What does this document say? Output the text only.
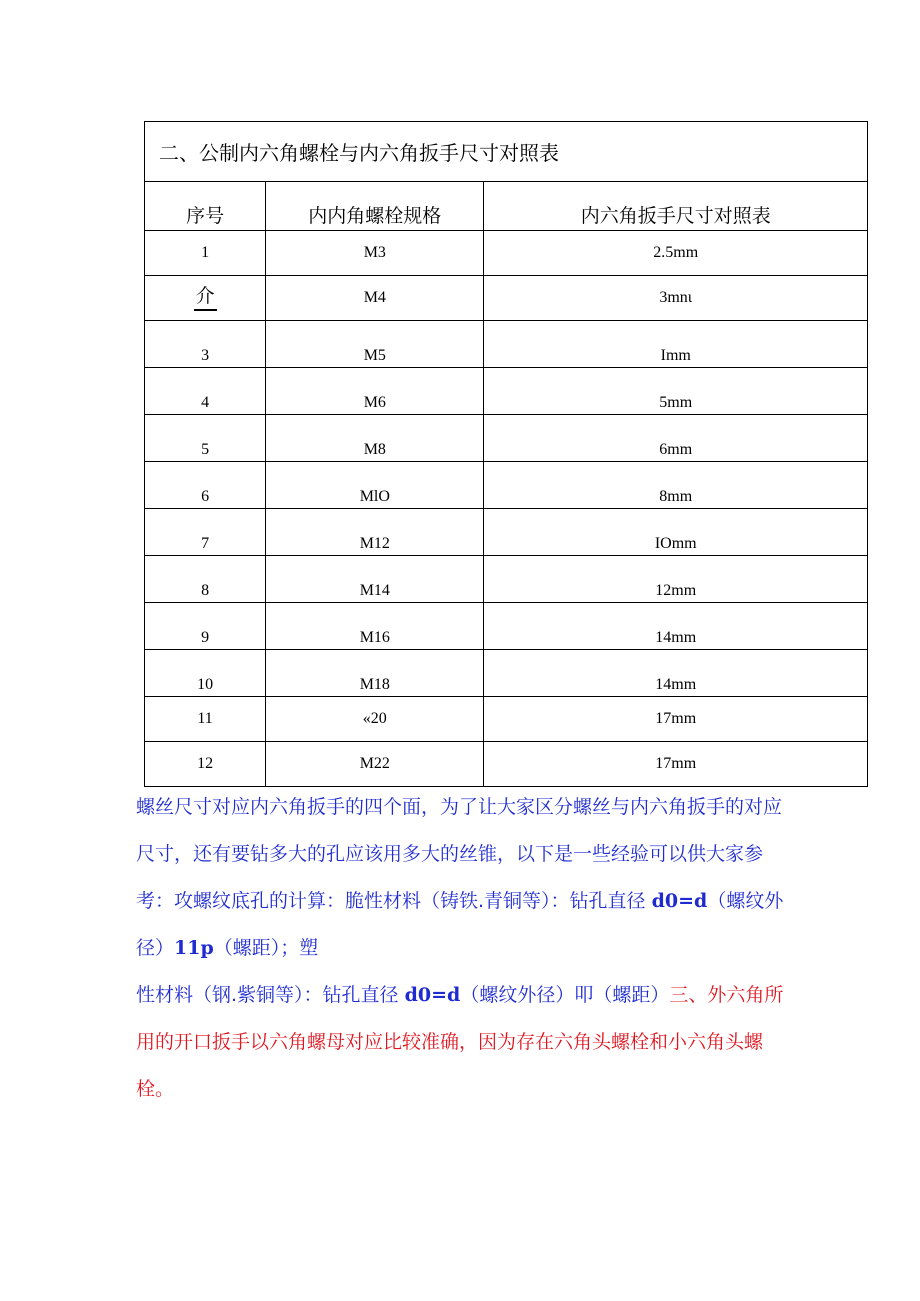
二、公制内六角螺栓与内六角扳手尺寸对照表		
序号	内内角螺栓规格	内六角扳手尺寸对照表
1	M3	2.5mm
介	M4	3mnι
3	M5	Imm
4	M6	5mm
5	M8	6mm
6	MlO	8mm
7	M12	IOmm
8	M14	12mm
9	M16	14mm
10	M18	14mm
11	«20	17mm
12	M22	17mm

螺丝尺寸对应内六角扳手的四个面，为了让大家区分螺丝与内六角扳手的对应
尺寸，还有要钻多大的孔应该用多大的丝锥，以下是一些经验可以供大家参
考：攻螺纹底孔的计算：脆性材料（铸铁.青铜等）：钻孔直径 d0=d（螺纹外
径）11p（螺距）；塑
性材料（钢.紫铜等）：钻孔直径 d0=d（螺纹外径）叩（螺距）三、外六角所
用的开口扳手以六角螺母对应比较准确，因为存在六角头螺栓和小六角头螺
栓。
